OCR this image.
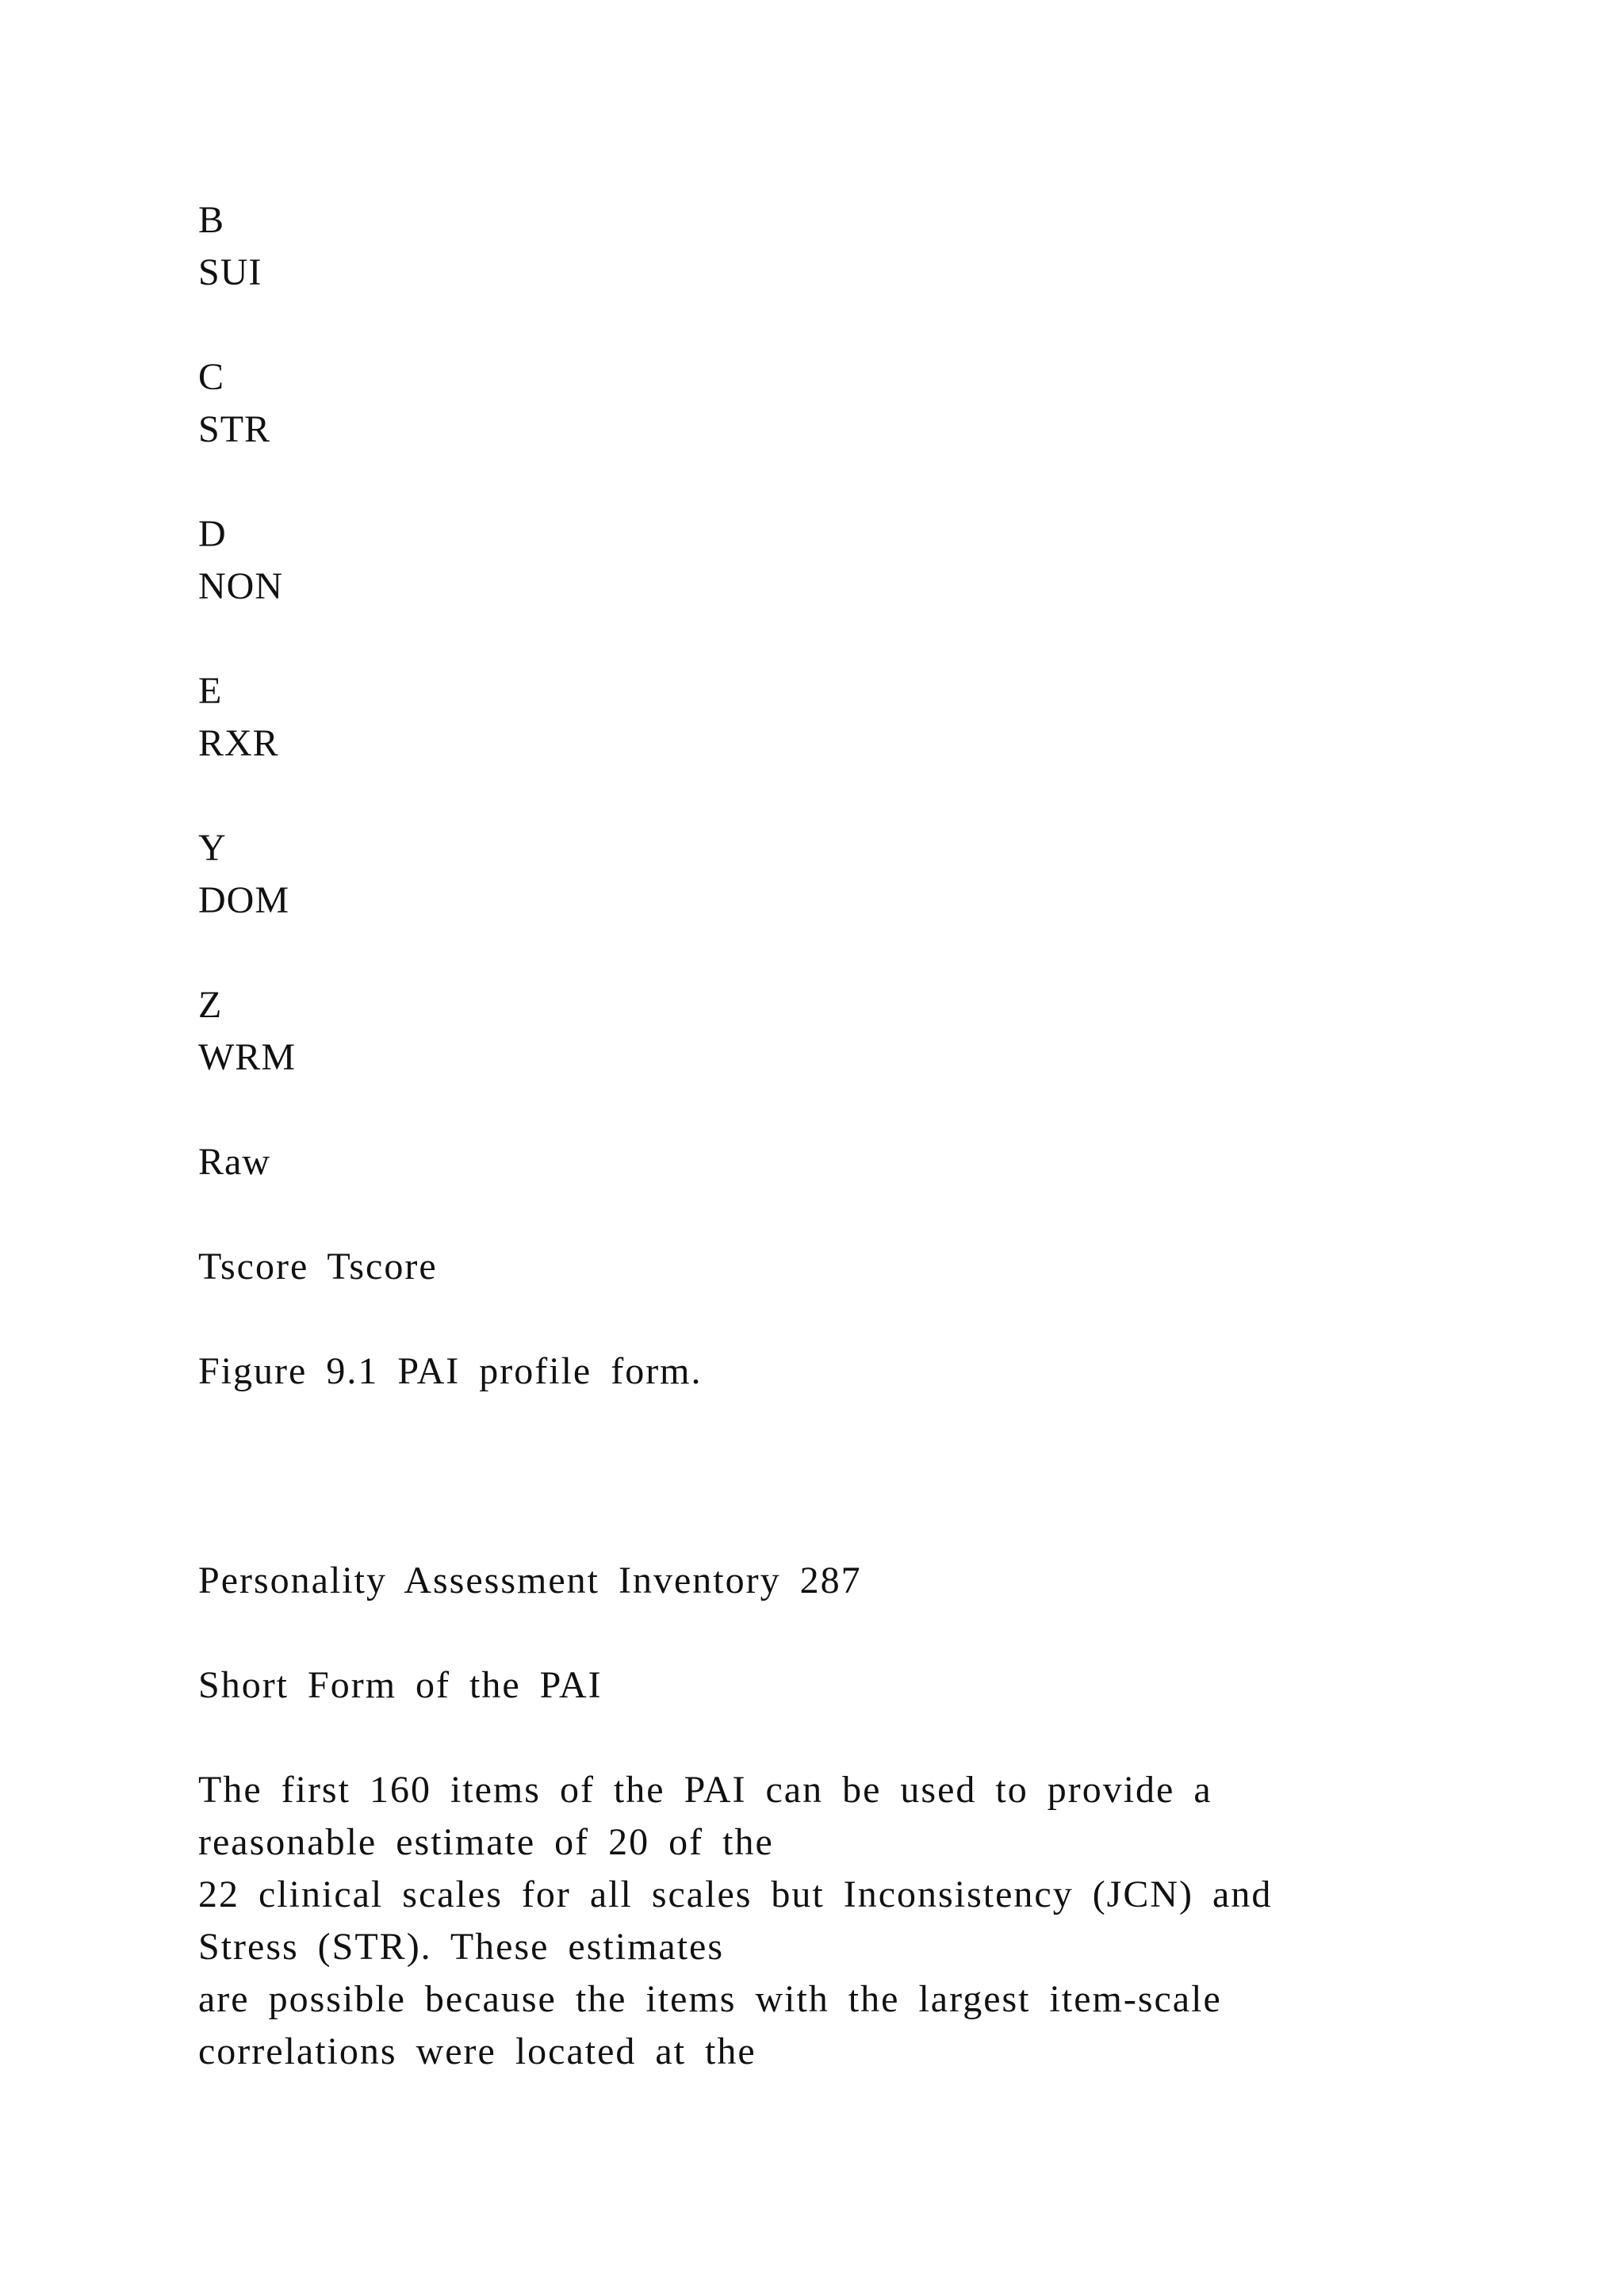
B
SUI
C
STR
D
NON
E
RXR
Y
DOM
Z
WRM
Raw
Tscore Tscore
Figure 9.1 PAI profile form.
Personality Assessment Inventory 287
Short Form of the PAI
The first 160 items of the PAI can be used to provide a
reasonable estimate of 20 of the
22 clinical scales for all scales but Inconsistency (JCN) and
Stress (STR). These estimates
are possible because the items with the largest item-scale
correlations were located at the
